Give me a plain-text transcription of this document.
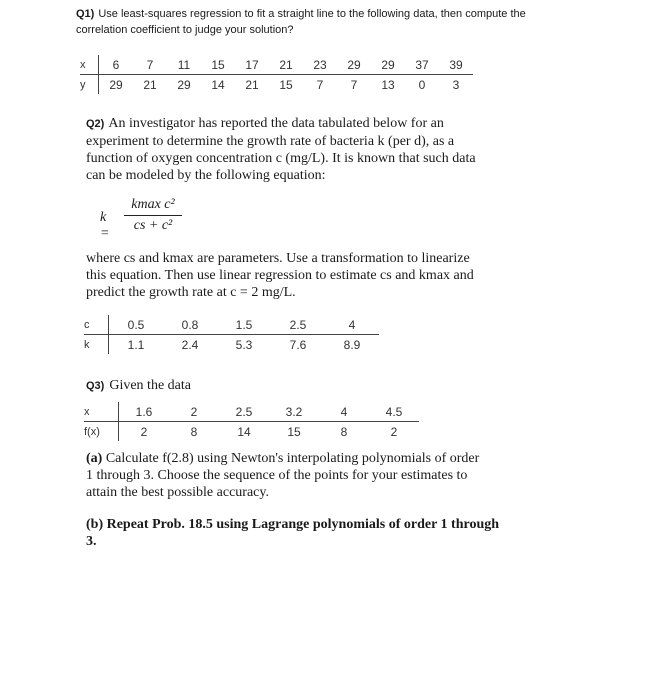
Q1) Use least-squares regression to fit a straight line to the following data, then compute the correlation coefficient to judge your solution?
x	6	7	11	15	17	21	23	29	29	37	39
y	29	21	29	14	21	15	7	7	13	0	3
Q2) An investigator has reported the data tabulated below for an experiment to determine the growth rate of bacteria k (per d), as a function of oxygen concentration c (mg/L). It is known that such data can be modeled by the following equation:
k =
kmax c²
cs + c²
where cs and kmax are parameters. Use a transformation to linearize this equation. Then use linear regression to estimate cs and kmax and predict the growth rate at c = 2 mg/L.
c	0.5	0.8	1.5	2.5	4
k	1.1	2.4	5.3	7.6	8.9
Q3) Given the data
x	1.6	2	2.5	3.2	4	4.5
f(x)	2	8	14	15	8	2
(a) Calculate f(2.8) using Newton's interpolating polynomials of order 1 through 3. Choose the sequence of the points for your estimates to attain the best possible accuracy.
(b) Repeat Prob. 18.5 using Lagrange polynomials of order 1 through 3.
